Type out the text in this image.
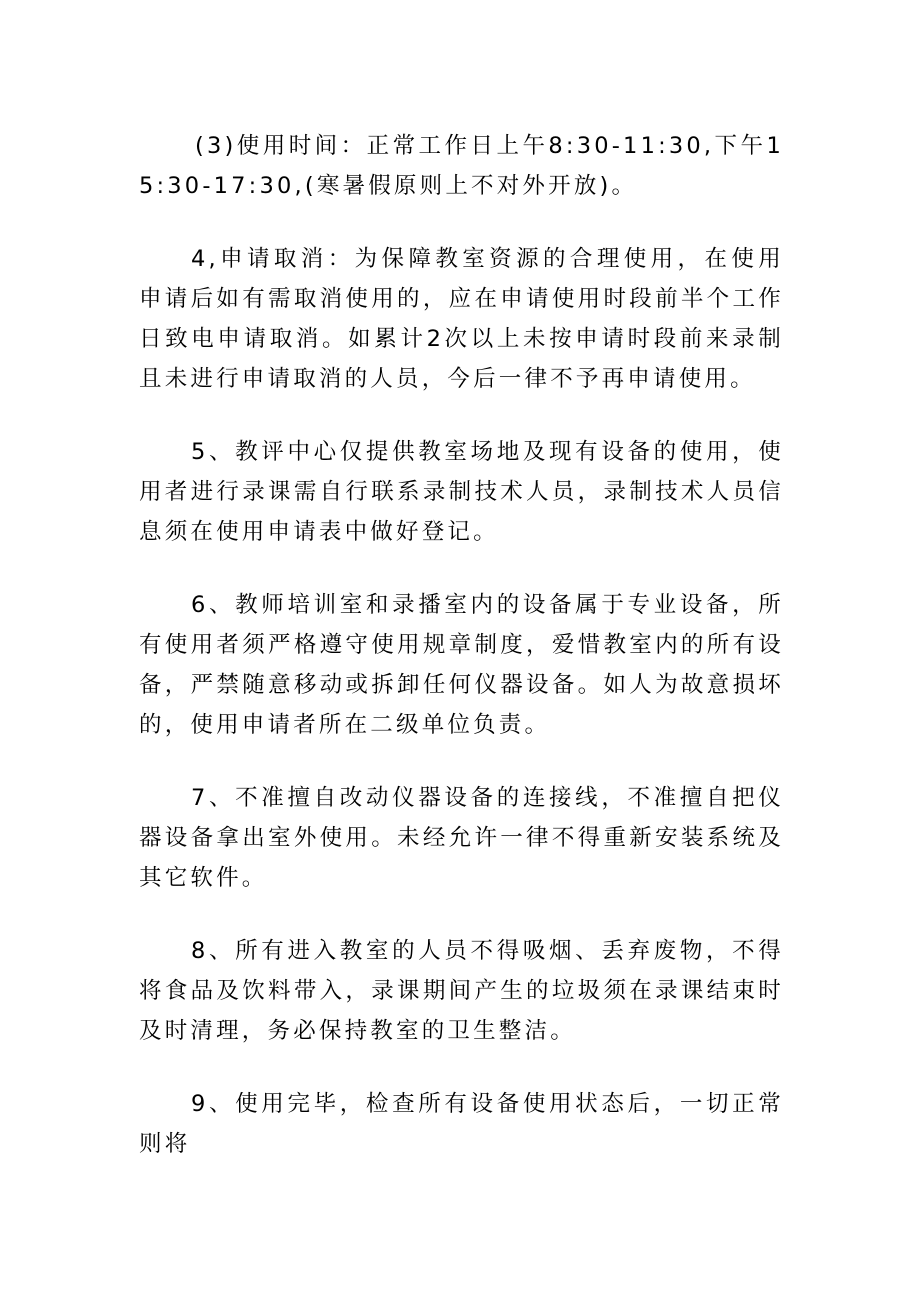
(3)使用时间：正常工作日上午8:30-11:30,下午15:30-17:30,(寒暑假原则上不对外开放)。

4,申请取消：为保障教室资源的合理使用，在使用申请后如有需取消使用的，应在申请使用时段前半个工作日致电申请取消。如累计2次以上未按申请时段前来录制且未进行申请取消的人员，今后一律不予再申请使用。

5、教评中心仅提供教室场地及现有设备的使用，使用者进行录课需自行联系录制技术人员，录制技术人员信息须在使用申请表中做好登记。

6、教师培训室和录播室内的设备属于专业设备，所有使用者须严格遵守使用规章制度，爱惜教室内的所有设备，严禁随意移动或拆卸任何仪器设备。如人为故意损坏的，使用申请者所在二级单位负责。

7、不准擅自改动仪器设备的连接线，不准擅自把仪器设备拿出室外使用。未经允许一律不得重新安装系统及其它软件。

8、所有进入教室的人员不得吸烟、丢弃废物，不得将食品及饮料带入，录课期间产生的垃圾须在录课结束时及时清理，务必保持教室的卫生整洁。

9、使用完毕，检查所有设备使用状态后，一切正常则将
